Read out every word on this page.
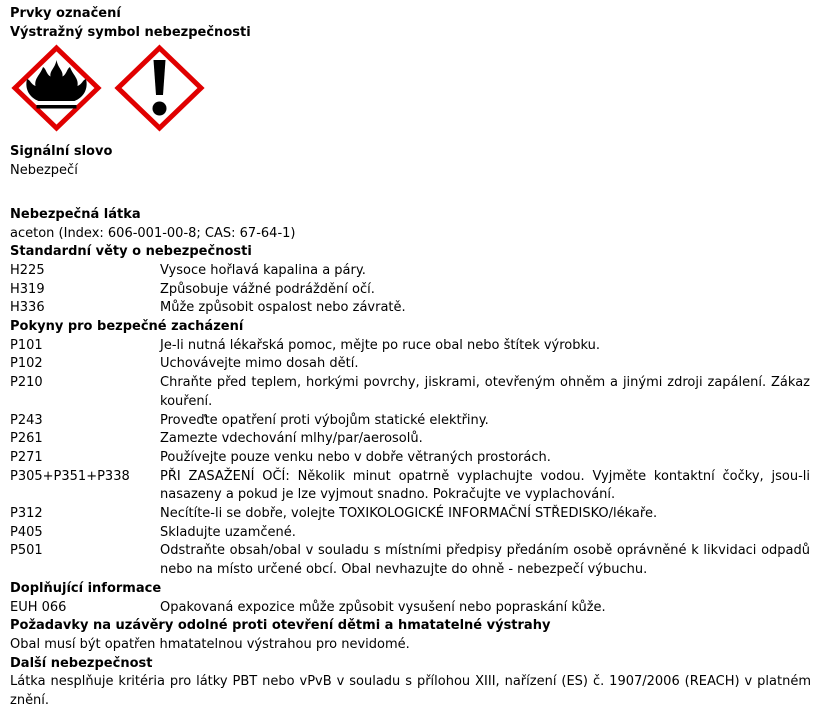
Prvky označení
Výstražný symbol nebezpečnosti
Signální slovo
Nebezpečí
Nebezpečná látka
aceton (Index: 606-001-00-8; CAS: 67-64-1)
Standardní věty o nebezpečnosti
H225	Vysoce hořlavá kapalina a páry.
H319	Způsobuje vážné podráždění očí.
H336	Může způsobit ospalost nebo závratě.
Pokyny pro bezpečné zacházení
P101	Je-li nutná lékařská pomoc, mějte po ruce obal nebo štítek výrobku.
P102	Uchovávejte mimo dosah dětí.
P210	Chraňte před teplem, horkými povrchy, jiskrami, otevřeným ohněm a jinými zdroji zapálení. Zákaz kouření.
P243	Proveďte opatření proti výbojům statické elektřiny.
P261	Zamezte vdechování mlhy/par/aerosolů.
P271	Používejte pouze venku nebo v dobře větraných prostorách.
P305+P351+P338	PŘI ZASAŽENÍ OČÍ: Několik minut opatrně vyplachujte vodou. Vyjměte kontaktní čočky, jsou-li nasazeny a pokud je lze vyjmout snadno. Pokračujte ve vyplachování.
P312	Necítíte-li se dobře, volejte TOXIKOLOGICKÉ INFORMAČNÍ STŘEDISKO/lékaře.
P405	Skladujte uzamčené.
P501	Odstraňte obsah/obal v souladu s místními předpisy předáním osobě oprávněné k likvidaci odpadů nebo na místo určené obcí. Obal nevhazujte do ohně - nebezpečí výbuchu.
Doplňující informace
EUH 066	Opakovaná expozice může způsobit vysušení nebo popraskání kůže.
Požadavky na uzávěry odolné proti otevření dětmi a hmatatelné výstrahy
Obal musí být opatřen hmatatelnou výstrahou pro nevidomé.
Další nebezpečnost
Látka nesplňuje kritéria pro látky PBT nebo vPvB v souladu s přílohou XIII, nařízení (ES) č. 1907/2006 (REACH) v platném znění.
